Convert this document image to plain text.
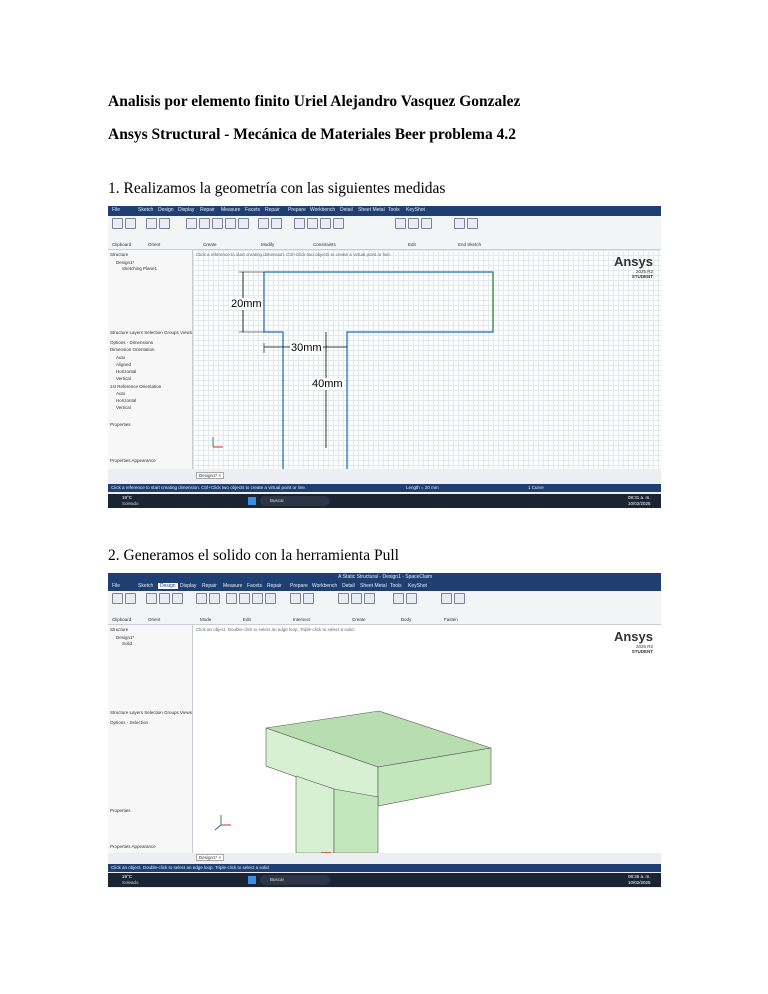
Analisis por elemento finito Uriel Alejandro Vasquez Gonzalez
Ansys Structural - Mecánica de Materiales Beer problema 4.2
1. Realizamos la geometría con las siguientes medidas
File	Sketch Design Display Repair Measure Facets Repair Prepare Workbench Detail Sheet Metal Tools KeyShot
Clipboard	Orient	Create	Modify	Constraints	Edit	End Sketch
Structure
Design1*
Sketching Plane1
Structure Layers Selection Groups Views
Options - Dimensions
Dimension Orientation
Auto
Aligned
Horizontal
Vertical
1st Reference Orientation
Auto
Horizontal
Vertical
Properties
Properties Appearance
Click a reference to start creating dimension. Ctrl+Click two objects to create a virtual point or line.	Ansys
2025 R2
STUDENT
20mm
30mm
40mm
Click a reference to start creating dimension. Ctrl+Click two objects to create a virtual point or line.	Length = 20 mm	1 Curve
Design1* ×
19°C
Soleado
Buscar
08:31 a. m.
10/02/2025
2. Generamos el solido con la herramienta Pull
A:Static Structural - Design1 - SpaceClaim
File	Sketch	Design Display Repair Measure Facets Repair Prepare Workbench Detail Sheet Metal Tools KeyShot
Clipboard	Orient	Mode	Edit	Intersect	Create	Body	Fasten
Structure
Design1*
Solid
Structure Layers Selection Groups Views
Options - Selection
Properties
Properties Appearance
Click an object. Double-click to select an edge loop. Triple-click to select a solid.	Ansys
2025 R2
STUDENT
Design1* ×
Click an object. Double-click to select an edge loop. Triple-click to select a solid.
19°C
Soleado
Buscar
08:35 a. m.
10/02/2025
